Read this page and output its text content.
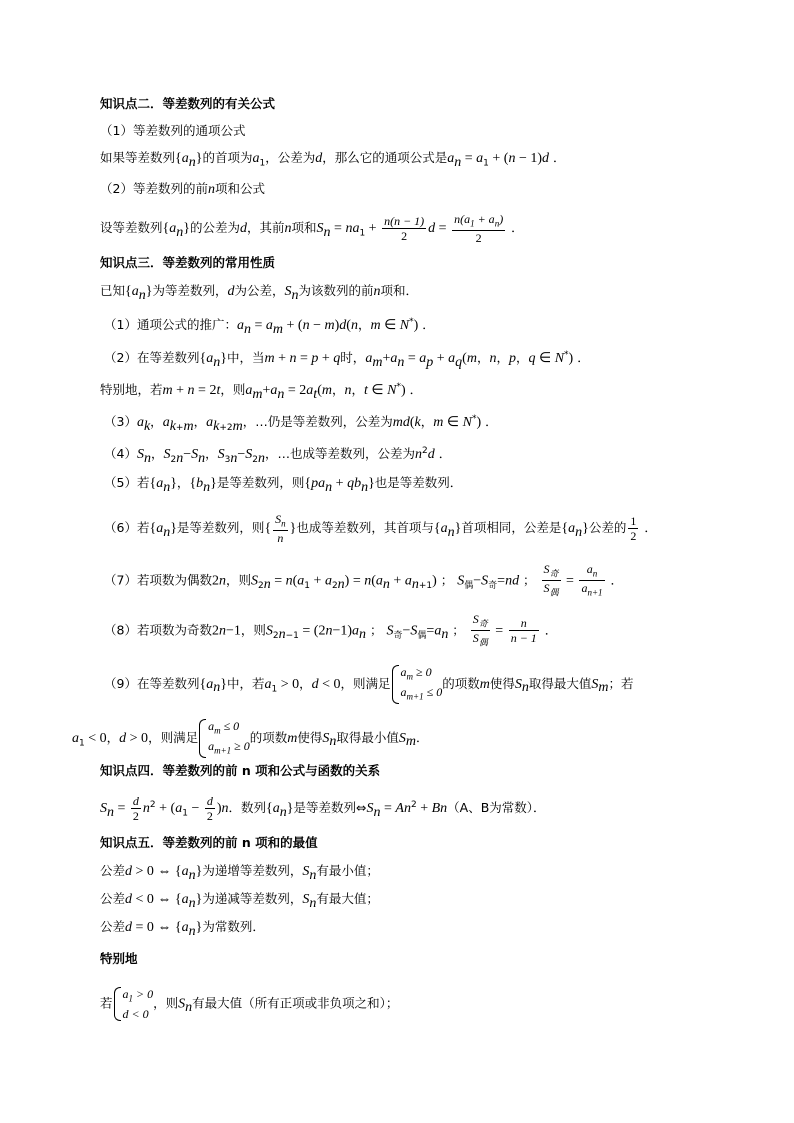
知识点二．等差数列的有关公式
（1）等差数列的通项公式
如果等差数列$\{a_n\}$的首项为$a_1$，公差为d，那么它的通项公式是$a_n = a_1 + (n - 1)d$ ．
（2）等差数列的前n项和公式
设等差数列$\{a_n\}$的公差为d，其前n项和$S_n = na_1 + \frac{n(n - 1)}{2}$ $d = \frac{n(a_1 + a_n)}{2}$ ．
知识点三．等差数列的常用性质
已知$\{a_n\}$为等差数列，d为公差，$S_n$为该数列的前n项和．
（1）通项公式的推广：$a_n = a_m + (n - m)d(n$，m ∈ N*) ．
（2）在等差数列$\{a_n\}$中，当m + n = p + q时，$a_m+a_n = a_p + a_q(m$，n，p，q ∈ N*) ．
特别地，若m + n = 2t，则$a_m+a_n = 2a_t(m$，n，t ∈ N*) ．
$(3)a_k$，$a_{k+m}$，$a_{k+2m}$，…仍是等差数列，公差为md(k，m ∈ N*) ．
$(4)S_n$，$S_{2n}-S_n$，$S_{3n}-S_{2n}$，…也成等差数列，公差为$n^2d$ ．
（5）若$\{a_n\}$，$\{b_n\}$是等差数列，则$\{pa_n + qb_n\}$也是等差数列．
（6）若$\{a_n\}$是等差数列，则{ $\frac{S_n}{n}$ }也成等差数列，其首项与$\{a_n\}$首项相同，公差是$\{a_n\}$公差的 $\frac{1}{2}$ ．
（7）若项数为偶数2n，则$S_{2n} = n(a_1 + a_{2n}) = n(a_n + a_{n+1})$ ； $S_偶-S_奇=nd$ ； $\frac{S_奇}{S_偶} = \frac{a_n}{a_{n+1}}$ ．
（8）若项数为奇数2n−1，则$S_{2n-1} = (2n-1)a_n$ ； $S_奇-S_偶=a_n$ ； $\frac{S_奇}{S_偶} = \frac{n}{n - 1}$ ．
（9）在等差数列$\{a_n\}$中，若$a_1 > 0$，d < 0，则满足
$a_m \ge 0$
$a_{m+1} \le 0$
的项数m使得$S_n$取得最大值$S_m$；若
$a_1 < 0$，d > 0，则满足
$a_m \le 0$
$a_{m+1} \ge 0$
的项数m使得$S_n$取得最小值$S_m$．
知识点四．等差数列的前 n 项和公式与函数的关系
$S_n = \frac{d}{2} n^2 + (a_1 - \frac{d}{2} )n$．数列$\{a_n\}$是等差数列$\Leftrightarrow S_n = An^2 + Bn(A$、B为常数）．
知识点五．等差数列的前 n 项和的最值
公差d > 0 ⇔ $\{a_n\}$为递增等差数列，$S_n$有最小值；
公差d < 0 ⇔ $\{a_n\}$为递减等差数列，$S_n$有最大值；
公差d = 0 ⇔ $\{a_n\}$为常数列．
特别地
若
$a_1 > 0$
d < 0
，则$S_n$有最大值（所有正项或非负项之和）；
